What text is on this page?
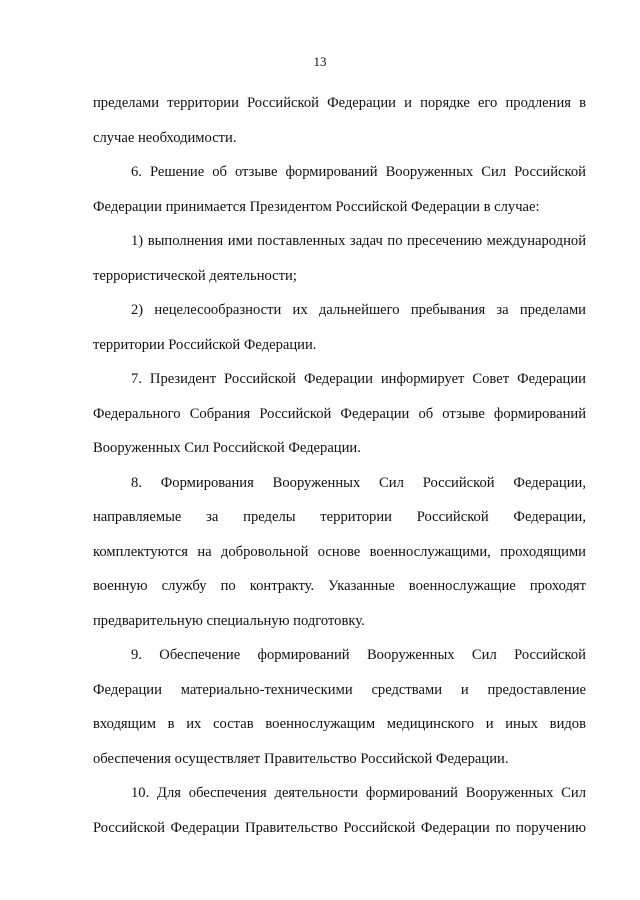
13
пределами территории Российской Федерации и порядке его продления в
случае необходимости.
6. Решение об отзыве формирований Вооруженных Сил Российской
Федерации принимается Президентом Российской Федерации в случае:
1) выполнения ими поставленных задач по пресечению международной
террористической деятельности;
2) нецелесообразности их дальнейшего пребывания за пределами
территории Российской Федерации.
7. Президент Российской Федерации информирует Совет Федерации
Федерального Собрания Российской Федерации об отзыве формирований
Вооруженных Сил Российской Федерации.
8. Формирования Вооруженных Сил Российской Федерации,
направляемые за пределы территории Российской Федерации,
комплектуются на добровольной основе военнослужащими, проходящими
военную службу по контракту. Указанные военнослужащие проходят
предварительную специальную подготовку.
9. Обеспечение формирований Вооруженных Сил Российской
Федерации материально-техническими средствами и предоставление
входящим в их состав военнослужащим медицинского и иных видов
обеспечения осуществляет Правительство Российской Федерации.
10. Для обеспечения деятельности формирований Вооруженных Сил
Российской Федерации Правительство Российской Федерации по поручению
